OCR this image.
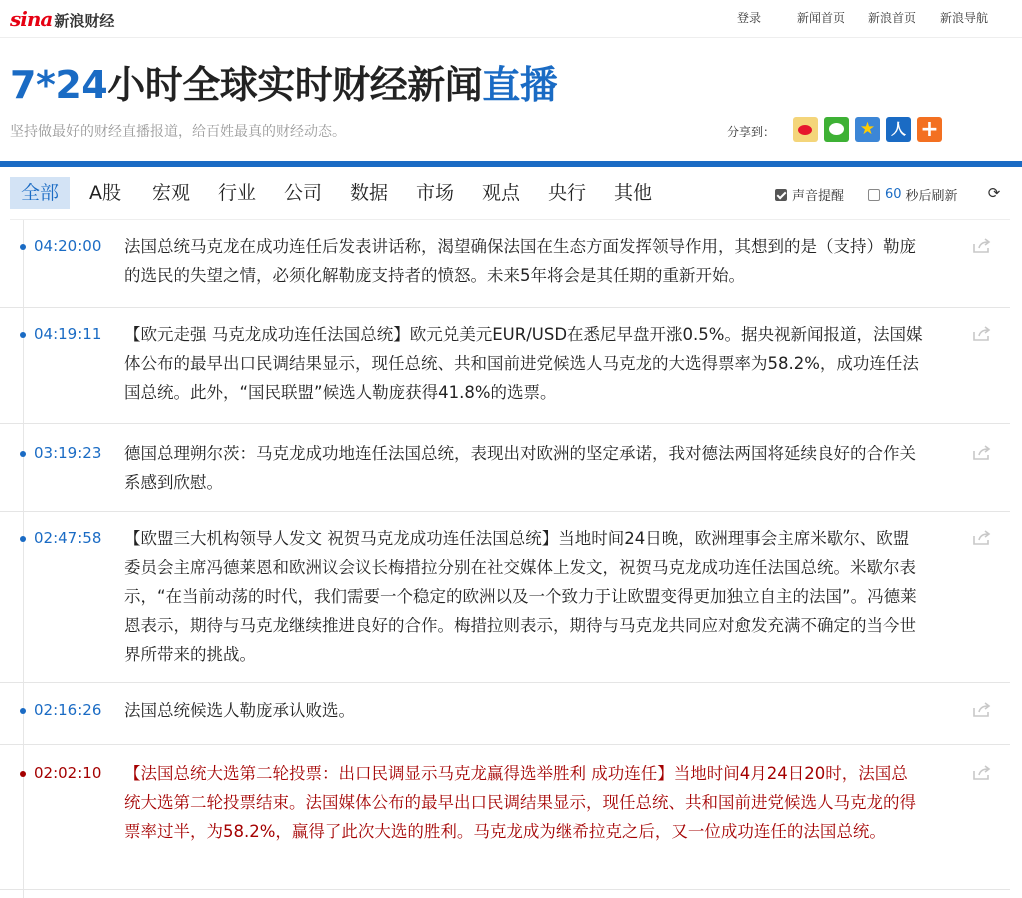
sina 新浪财经	登录	新闻首页 新浪首页 新浪导航
7*24小时全球实时财经新闻直播
坚持做最好的财经直播报道，给百姓最真的财经动态。	分享到：	★	人 +
全部	A股	宏观	行业	公司	数据	市场	观点	央行	其他	声音提醒	60 秒后刷新 ⟳
04:20:00 法国总统马克龙在成功连任后发表讲话称，渴望确保法国在生态方面发挥领导作用，其想到的是（支持）勒庞的选民的失望之情，必须化解勒庞支持者的愤怒。未来5年将会是其任期的重新开始。
04:19:11 【欧元走强 马克龙成功连任法国总统】欧元兑美元EUR/USD在悉尼早盘开涨0.5%。据央视新闻报道，法国媒体公布的最早出口民调结果显示，现任总统、共和国前进党候选人马克龙的大选得票率为58.2%，成功连任法国总统。此外，“国民联盟”候选人勒庞获得41.8%的选票。
03:19:23 德国总理朔尔茨：马克龙成功地连任法国总统，表现出对欧洲的坚定承诺，我对德法两国将延续良好的合作关系感到欣慰。
02:47:58 【欧盟三大机构领导人发文 祝贺马克龙成功连任法国总统】当地时间24日晚，欧洲理事会主席米歇尔、欧盟委员会主席冯德莱恩和欧洲议会议长梅措拉分别在社交媒体上发文，祝贺马克龙成功连任法国总统。米歇尔表示，“在当前动荡的时代，我们需要一个稳定的欧洲以及一个致力于让欧盟变得更加独立自主的法国”。冯德莱恩表示，期待与马克龙继续推进良好的合作。梅措拉则表示，期待与马克龙共同应对愈发充满不确定的当今世界所带来的挑战。
02:16:26 法国总统候选人勒庞承认败选。
02:02:10 【法国总统大选第二轮投票：出口民调显示马克龙赢得选举胜利 成功连任】当地时间4月24日20时，法国总统大选第二轮投票结束。法国媒体公布的最早出口民调结果显示，现任总统、共和国前进党候选人马克龙的得票率过半，为58.2%，赢得了此次大选的胜利。马克龙成为继希拉克之后，又一位成功连任的法国总统。
